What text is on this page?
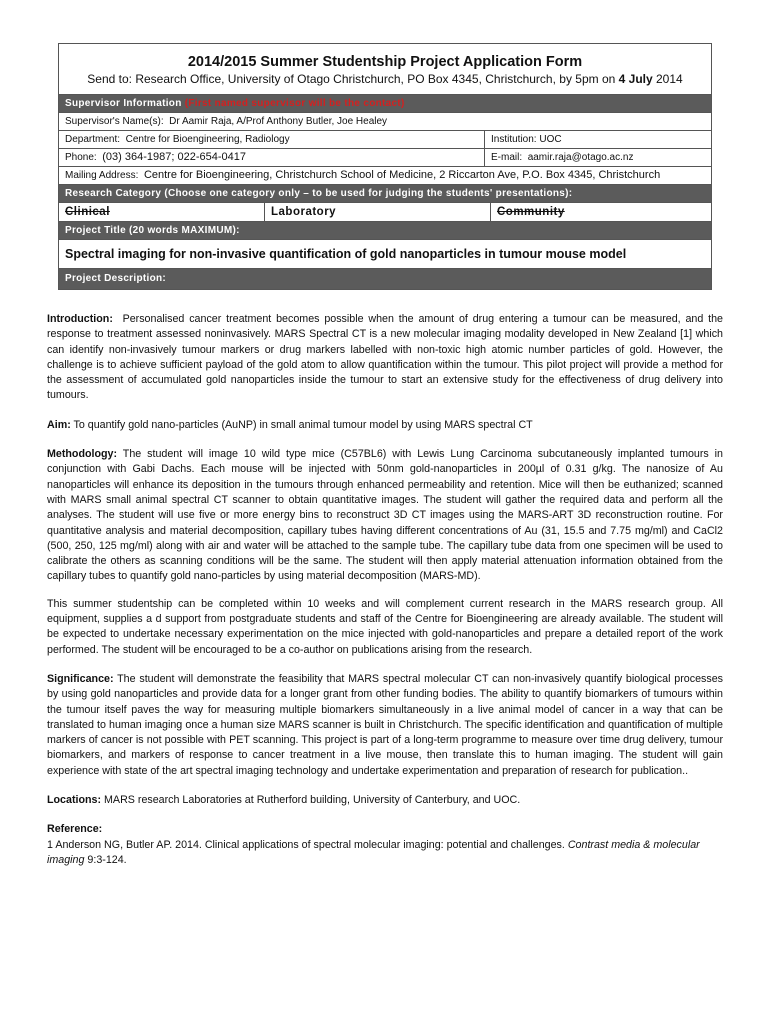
2014/2015 Summer Studentship Project Application Form
Send to: Research Office, University of Otago Christchurch, PO Box 4345, Christchurch, by 5pm on 4 July 2014
Supervisor Information (First named supervisor will be the contact)
Supervisor's Name(s): Dr Aamir Raja, A/Prof Anthony Butler, Joe Healey
Department: Centre for Bioengineering, Radiology	Institution: UOC
Phone: (03) 364-1987; 022-654-0417	E-mail: aamir.raja@otago.ac.nz
Mailing Address: Centre for Bioengineering, Christchurch School of Medicine, 2 Riccarton Ave, P.O. Box 4345, Christchurch
Research Category (Choose one category only – to be used for judging the students' presentations):
Clinical	Laboratory	Community
Project Title (20 words MAXIMUM):
Spectral imaging for non-invasive quantification of gold nanoparticles in tumour mouse model
Project Description:

Introduction: Personalised cancer treatment becomes possible when the amount of drug entering a tumour can be measured, and the response to treatment assessed noninvasively. MARS Spectral CT is a new molecular imaging modality developed in New Zealand [1] which can identify non-invasively tumour markers or drug markers labelled with non-toxic high atomic number particles of gold. However, the challenge is to achieve sufficient payload of the gold atom to allow quantification within the tumour. This pilot project will provide a method for the assessment of accumulated gold nanoparticles inside the tumour to start an extensive study for the effectiveness of drug delivery into tumours.

Aim: To quantify gold nano-particles (AuNP) in small animal tumour model by using MARS spectral CT

Methodology: The student will image 10 wild type mice (C57BL6) with Lewis Lung Carcinoma subcutaneously implanted tumours in conjunction with Gabi Dachs. Each mouse will be injected with 50nm gold-nanoparticles in 200µl of 0.31 g/kg. The nanosize of Au nanoparticles will enhance its deposition in the tumours through enhanced permeability and retention. Mice will then be euthanized; scanned with MARS small animal spectral CT scanner to obtain quantitative images. The student will gather the required data and perform all the analyses. The student will use five or more energy bins to reconstruct 3D CT images using the MARS-ART 3D reconstruction routine. For quantitative analysis and material decomposition, capillary tubes having different concentrations of Au (31, 15.5 and 7.75 mg/ml) and CaCl2 (500, 250, 125 mg/ml) along with air and water will be attached to the sample tube. The capillary tube data from one specimen will be used to calibrate the others as scanning conditions will be the same. The student will then apply material attenuation information obtained from the capillary tubes to quantify gold nano-particles by using material decomposition (MARS-MD).

This summer studentship can be completed within 10 weeks and will complement current research in the MARS research group. All equipment, supplies a d support from postgraduate students and staff of the Centre for Bioengineering are already available. The student will be expected to undertake necessary experimentation on the mice injected with gold-nanoparticles and prepare a detailed report of the work performed. The student will be encouraged to be a co-author on publications arising from the research.

Significance: The student will demonstrate the feasibility that MARS spectral molecular CT can non-invasively quantify biological processes by using gold nanoparticles and provide data for a longer grant from other funding bodies. The ability to quantify biomarkers of tumours within the tumour itself paves the way for measuring multiple biomarkers simultaneously in a live animal model of cancer in a way that can be translated to human imaging once a human size MARS scanner is built in Christchurch. The specific identification and quantification of multiple markers of cancer is not possible with PET scanning. This project is part of a long-term programme to measure over time drug delivery, tumour biomarkers, and markers of response to cancer treatment in a live mouse, then translate this to human imaging. The student will gain experience with state of the art spectral imaging technology and undertake experimentation and preparation of research for publication..

Locations: MARS research Laboratories at Rutherford building, University of Canterbury, and UOC.

Reference:
1 Anderson NG, Butler AP. 2014. Clinical applications of spectral molecular imaging: potential and challenges. Contrast media & molecular imaging 9:3-124.
